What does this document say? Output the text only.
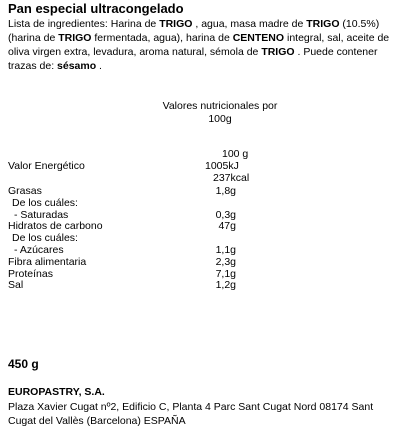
Pan especial ultracongelado
Lista de ingredientes: Harina de TRIGO , agua, masa madre de TRIGO (10.5%) (harina de TRIGO fermentada, agua), harina de CENTENO integral, sal, aceite de oliva virgen extra, levadura, aroma natural, sémola de TRIGO . Puede contener trazas de: sésamo .
Valores nutricionales por 100g
100 g
Valor Energético	1005kJ
237kcal
Grasas	1,8g
De los cuáles:
- Saturadas	0,3g
Hidratos de carbono	47g
De los cuáles:
- Azúcares	1,1g
Fibra alimentaria	2,3g
Proteínas	7,1g
Sal	1,2g
450 g
EUROPASTRY, S.A.
Plaza Xavier Cugat nº2, Edificio C, Planta 4 Parc Sant Cugat Nord 08174 Sant Cugat del Vallès (Barcelona) ESPAÑA
